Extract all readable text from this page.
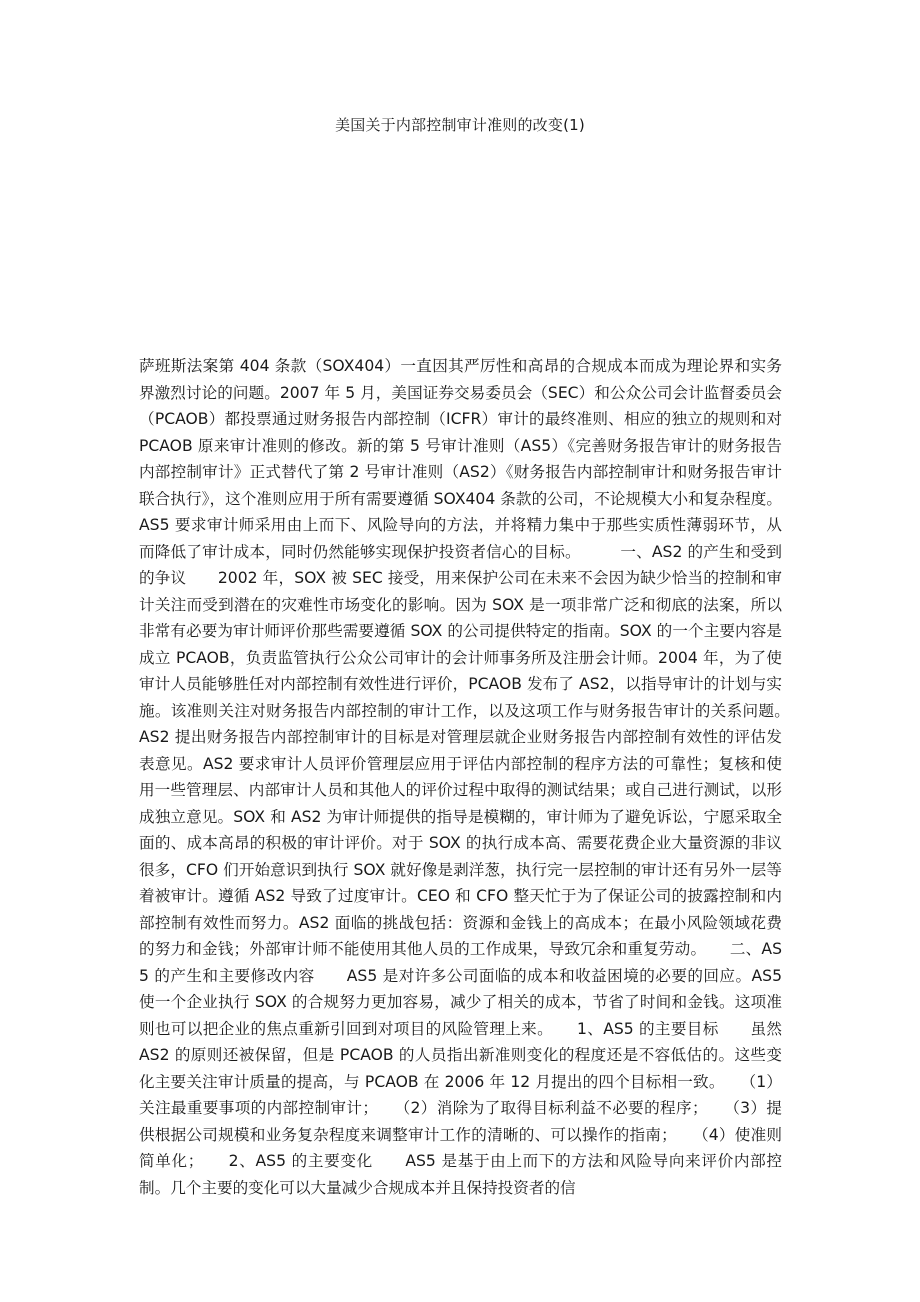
美国关于内部控制审计准则的改变(1)
萨班斯法案第 404 条款（SOX404）一直因其严厉性和高昂的合规成本而成为理论界和实务界激烈讨论的问题。2007 年 5 月，美国证券交易委员会（SEC）和公众公司会计监督委员会（PCAOB）都投票通过财务报告内部控制（ICFR）审计的最终准则、相应的独立的规则和对 PCAOB 原来审计准则的修改。新的第 5 号审计准则（AS5）《完善财务报告审计的财务报告内部控制审计》正式替代了第 2 号审计准则（AS2）《财务报告内部控制审计和财务报告审计联合执行》，这个准则应用于所有需要遵循 SOX404 条款的公司，不论规模大小和复杂程度。AS5 要求审计师采用由上而下、风险导向的方法，并将精力集中于那些实质性薄弱环节，从而降低了审计成本，同时仍然能够实现保护投资者信心的目标。　　　一、AS2 的产生和受到的争议　　2002 年，SOX 被 SEC 接受，用来保护公司在未来不会因为缺少恰当的控制和审计关注而受到潜在的灾难性市场变化的影响。因为 SOX 是一项非常广泛和彻底的法案，所以非常有必要为审计师评价那些需要遵循 SOX 的公司提供特定的指南。SOX 的一个主要内容是成立 PCAOB，负责监管执行公众公司审计的会计师事务所及注册会计师。2004 年，为了使审计人员能够胜任对内部控制有效性进行评价，PCAOB 发布了 AS2，以指导审计的计划与实施。该准则关注对财务报告内部控制的审计工作，以及这项工作与财务报告审计的关系问题。　　AS2 提出财务报告内部控制审计的目标是对管理层就企业财务报告内部控制有效性的评估发表意见。AS2 要求审计人员评价管理层应用于评估内部控制的程序方法的可靠性；复核和使用一些管理层、内部审计人员和其他人的评价过程中取得的测试结果；或自己进行测试，以形成独立意见。SOX 和 AS2 为审计师提供的指导是模糊的，审计师为了避免诉讼，宁愿采取全面的、成本高昂的积极的审计评价。对于 SOX 的执行成本高、需要花费企业大量资源的非议很多，CFO 们开始意识到执行 SOX 就好像是剥洋葱，执行完一层控制的审计还有另外一层等着被审计。遵循 AS2 导致了过度审计。CEO 和 CFO 整天忙于为了保证公司的披露控制和内部控制有效性而努力。AS2 面临的挑战包括：资源和金钱上的高成本；在最小风险领域花费的努力和金钱；外部审计师不能使用其他人员的工作成果，导致冗余和重复劳动。　　二、AS5 的产生和主要修改内容　　AS5 是对许多公司面临的成本和收益困境的必要的回应。AS5 使一个企业执行 SOX 的合规努力更加容易，减少了相关的成本，节省了时间和金钱。这项准则也可以把企业的焦点重新引回到对项目的风险管理上来。　　1、AS5 的主要目标　　虽然 AS2 的原则还被保留，但是 PCAOB 的人员指出新准则变化的程度还是不容低估的。这些变化主要关注审计质量的提高，与 PCAOB 在 2006 年 12 月提出的四个目标相一致。　　（1）关注最重要事项的内部控制审计；　　（2）消除为了取得目标利益不必要的程序；　　（3）提供根据公司规模和业务复杂程度来调整审计工作的清晰的、可以操作的指南；　　（4）使准则简单化；　　2、AS5 的主要变化　　AS5 是基于由上而下的方法和风险导向来评价内部控制。几个主要的变化可以大量减少合规成本并且保持投资者的信
